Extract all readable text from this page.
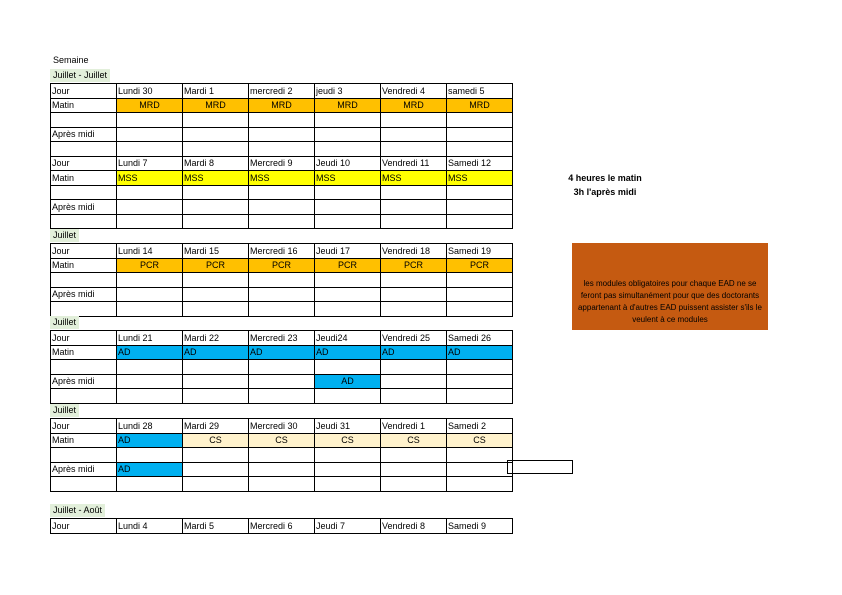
Semaine
Juillet - Juillet
Jour	Lundi 30	Mardi 1	mercredi 2	jeudi 3	Vendredi 4	samedi 5
Matin	MRD	MRD	MRD	MRD	MRD	MRD

Après midi						

Jour	Lundi 7	Mardi 8	Mercredi 9	Jeudi 10	Vendredi 11	Samedi 12
Matin	MSS	MSS	MSS	MSS	MSS	MSS

Après midi						

Juillet
Jour	Lundi 14	Mardi 15	Mercredi 16	Jeudi 17	Vendredi 18	Samedi 19
Matin	PCR	PCR	PCR	PCR	PCR	PCR

Après midi						

Juillet
Jour	Lundi 21	Mardi 22	Mercredi 23	Jeudi24	Vendredi 25	Samedi 26
Matin	AD	AD	AD	AD	AD	AD

Après midi				AD		

Juillet
Jour	Lundi 28	Mardi 29	Mercredi 30	Jeudi 31	Vendredi 1	Samedi 2
Matin	AD	CS	CS	CS	CS	CS

Après midi	AD					

Juillet - Août
Jour	Lundi 4	Mardi 5	Mercredi 6	Jeudi 7	Vendredi 8	Samedi 9
4 heures le matin
3h l'après midi
les modules obligatoires pour chaque EAD ne se feront pas simultanément pour que des doctorants appartenant à d'autres EAD puissent assister s'ils le veulent à ce modules
